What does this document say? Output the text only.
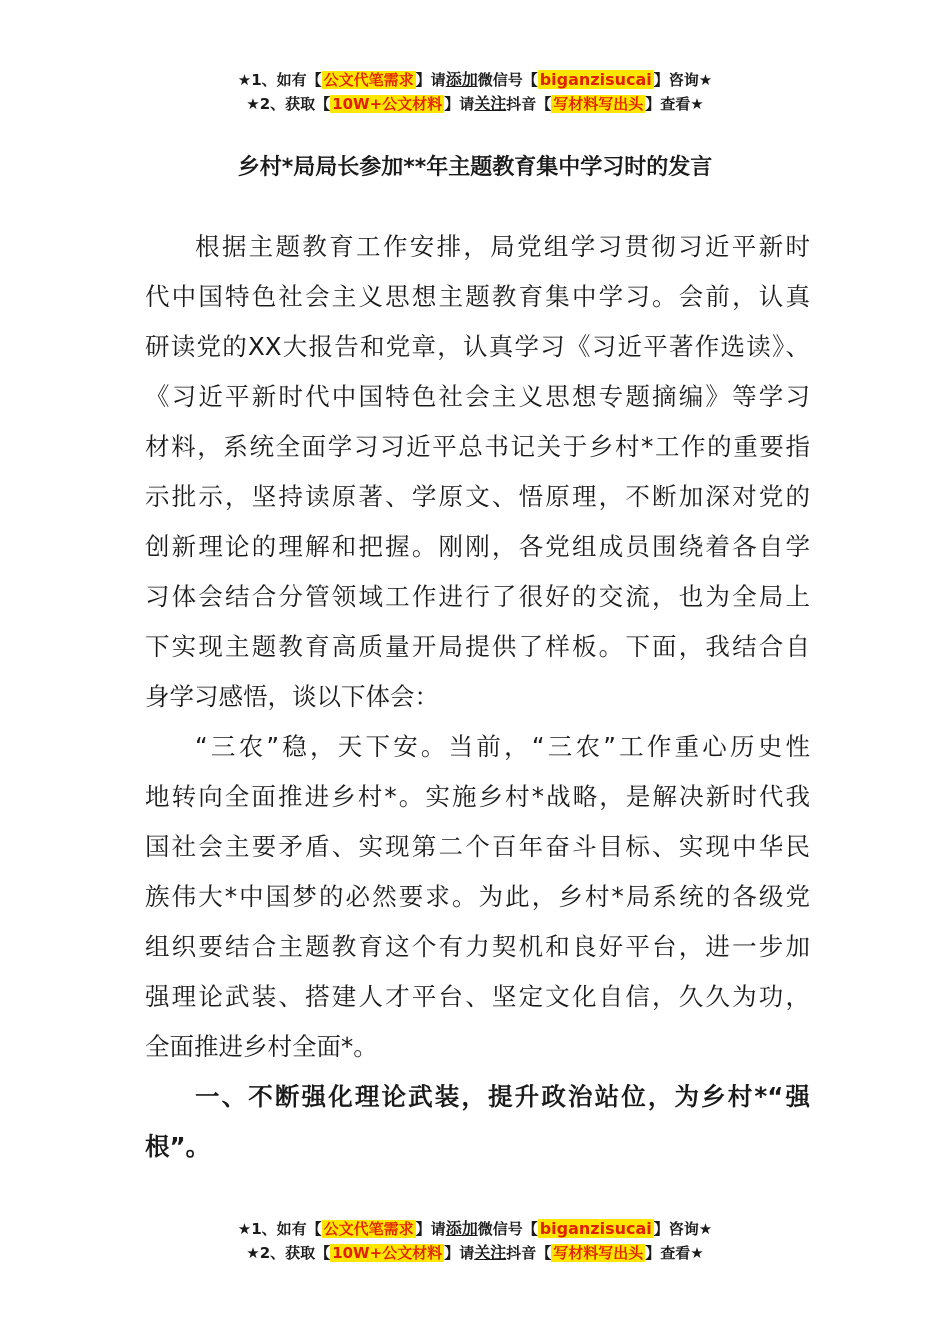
★1、如有【 公文代笔需求 】请添加微信号【 biganzisucai 】咨询★
★2、获取【 10W+公文材料 】请关注抖音【 写材料写出头 】查看★
乡村*局局长参加**年主题教育集中学习时的发言
根据主题教育工作安排，局党组学习贯彻习近平新时
代中国特色社会主义思想主题教育集中学习。会前，认真
研读党的XX大报告和党章，认真学习《习近平著作选读》、
《习近平新时代中国特色社会主义思想专题摘编》等学习
材料，系统全面学习习近平总书记关于乡村*工作的重要指
示批示，坚持读原著、学原文、悟原理，不断加深对党的
创新理论的理解和把握。刚刚，各党组成员围绕着各自学
习体会结合分管领域工作进行了很好的交流，也为全局上
下实现主题教育高质量开局提供了样板。下面，我结合自
身学习感悟，谈以下体会：
“三农”稳，天下安。当前，“三农”工作重心历史性
地转向全面推进乡村*。实施乡村*战略，是解决新时代我
国社会主要矛盾、实现第二个百年奋斗目标、实现中华民
族伟大*中国梦的必然要求。为此，乡村*局系统的各级党
组织要结合主题教育这个有力契机和良好平台，进一步加
强理论武装、搭建人才平台、坚定文化自信，久久为功，
全面推进乡村全面*。
一、不断强化理论武装，提升政治站位，为乡村*“强
根”。
★1、如有【 公文代笔需求 】请添加微信号【 biganzisucai 】咨询★
★2、获取【 10W+公文材料 】请关注抖音【 写材料写出头 】查看★
